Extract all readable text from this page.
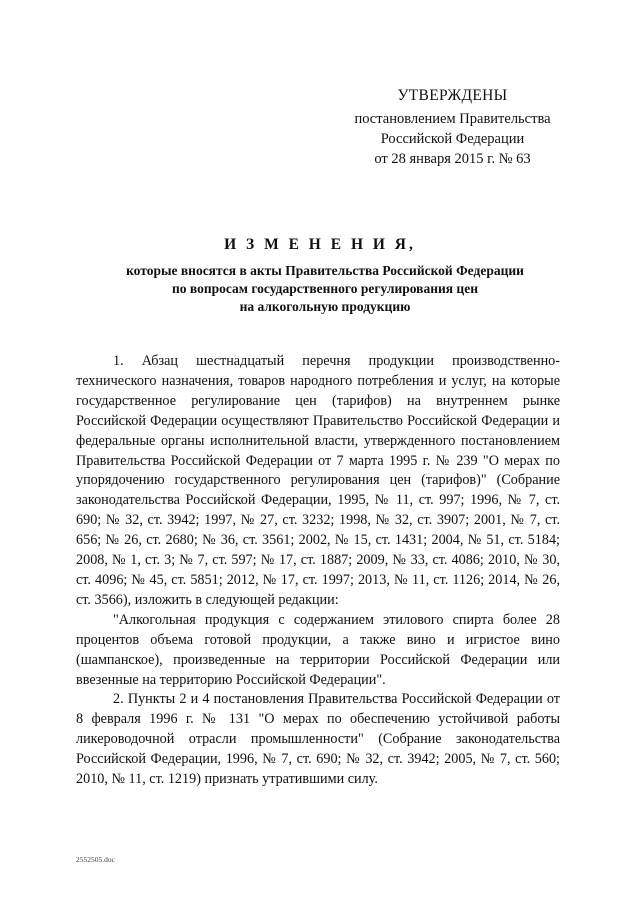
УТВЕРЖДЕНЫ
постановлением Правительства
Российской Федерации
от 28 января 2015 г. № 63
И З М Е Н Е Н И Я,
которые вносятся в акты Правительства Российской Федерации
по вопросам государственного регулирования цен
на алкогольную продукцию

1. Абзац шестнадцатый перечня продукции производственно-технического назначения, товаров народного потребления и услуг, на которые государственное регулирование цен (тарифов) на внутреннем рынке Российской Федерации осуществляют Правительство Российской Федерации и федеральные органы исполнительной власти, утвержденного постановлением Правительства Российской Федерации от 7 марта 1995 г. № 239 "О мерах по упорядочению государственного регулирования цен (тарифов)" (Собрание законодательства Российской Федерации, 1995, № 11, ст. 997; 1996, № 7, ст. 690; № 32, ст. 3942; 1997, № 27, ст. 3232; 1998, № 32, ст. 3907; 2001, № 7, ст. 656; № 26, ст. 2680; № 36, ст. 3561; 2002, № 15, ст. 1431; 2004, № 51, ст. 5184; 2008, № 1, ст. 3; № 7, ст. 597; № 17, ст. 1887; 2009, № 33, ст. 4086; 2010, № 30, ст. 4096; № 45, ст. 5851; 2012, № 17, ст. 1997; 2013, № 11, ст. 1126; 2014, № 26, ст. 3566), изложить в следующей редакции:

"Алкогольная продукция с содержанием этилового спирта более 28 процентов объема готовой продукции, а также вино и игристое вино (шампанское), произведенные на территории Российской Федерации или ввезенные на территорию Российской Федерации".

2. Пункты 2 и 4 постановления Правительства Российской Федерации от 8 февраля 1996 г. № 131 "О мерах по обеспечению устойчивой работы ликероводочной отрасли промышленности" (Собрание законодательства Российской Федерации, 1996, № 7, ст. 690; № 32, ст. 3942; 2005, № 7, ст. 560; 2010, № 11, ст. 1219) признать утратившими силу.

2552505.doc
